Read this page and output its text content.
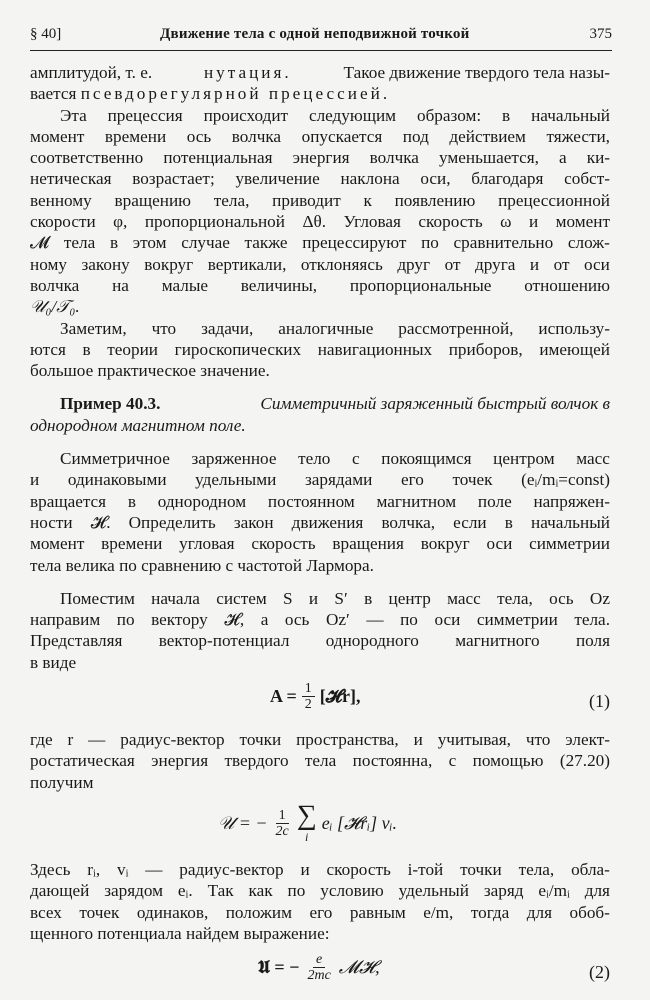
§ 40]	Движение тела с одной неподвижной точкой	375
амплитудой, т. е.	нутация.	Такое движение твердого тела назы-
вается
псевдорегулярной прецессией.
Эта прецессия происходит следующим образом: в начальный
момент времени ось волчка опускается под действием тяжести,
соответственно потенциальная энергия волчка уменьшается, а ки-
нетическая возрастает; увеличение наклона оси, благодаря собст-
венному вращению тела, приводит к появлению прецессионной
скорости φ, пропорциональной Δθ. Угловая скорость ω и момент
𝓜 тела в этом случае также прецессируют по сравнительно слож-
ному закону вокруг вертикали, отклоняясь друг от друга и от оси
волчка на малые величины, пропорциональные отношению
𝒰₀/𝒯₀.
Заметим, что задачи, аналогичные рассмотренной, использу-
ются в теории гироскопических навигационных приборов, имеющей
большое практическое значение.
Пример 40.3.	Симметричный заряженный быстрый волчок в
однородном магнитном поле.
Симметричное заряженное тело с покоящимся центром масс
и одинаковыми удельными зарядами его точек (eᵢ/mᵢ=const)
вращается в однородном постоянном магнитном поле напряжен-
ности 𝓗. Определить закон движения волчка, если в начальный
момент времени угловая скорость вращения вокруг оси симметрии
тела велика по сравнению с частотой Лармора.
Поместим начала систем S и S′ в центр масс тела, ось Oz
направим по вектору 𝓗, а ось Oz′ — по оси симметрии тела.
Представляя вектор-потенциал однородного магнитного поля
в виде
$A = \frac{1}{2}$ [𝓗r],	(1)
где r — радиус-вектор точки пространства, и учитывая, что элект-
ростатическая энергия твердого тела постоянна, с помощью (27.20)
получим
𝒰 = − $\frac{1}{2c}$ ∑
i
eᵢ [𝓗rᵢ] vᵢ.
Здесь rᵢ, vᵢ — радиус-вектор и скорость i-той точки тела, обла-
дающей зарядом eᵢ. Так как по условию удельный заряд eᵢ/mᵢ для
всех точек одинаков, положим его равным e/m, тогда для обоб-
щенного потенциала найдем выражение:
𝖀 = − $\frac{e}{2mc}$ 𝓜𝓗,	(2)
